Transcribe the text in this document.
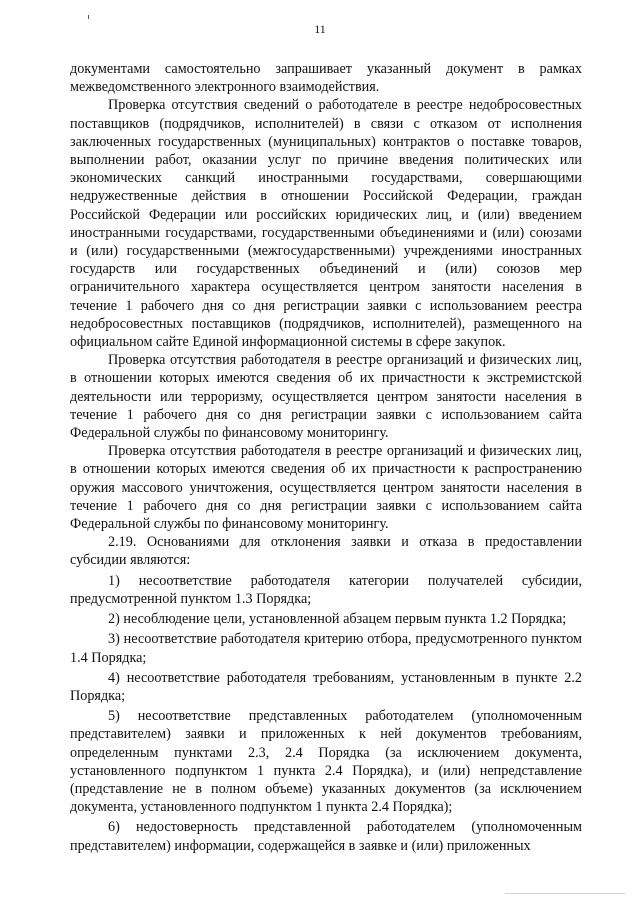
11

документами самостоятельно запрашивает указанный документ в рамках межведомственного электронного взаимодействия.

Проверка отсутствия сведений о работодателе в реестре недобросовестных поставщиков (подрядчиков, исполнителей) в связи с отказом от исполнения заключенных государственных (муниципальных) контрактов о поставке товаров, выполнении работ, оказании услуг по причине введения политических или экономических санкций иностранными государствами, совершающими недружественные действия в отношении Российской Федерации, граждан Российской Федерации или российских юридических лиц, и (или) введением иностранными государствами, государственными объединениями и (или) союзами и (или) государственными (межгосударственными) учреждениями иностранных государств или государственных объединений и (или) союзов мер ограничительного характера осуществляется центром занятости населения в течение 1 рабочего дня со дня регистрации заявки с использованием реестра недобросовестных поставщиков (подрядчиков, исполнителей), размещенного на официальном сайте Единой информационной системы в сфере закупок.

Проверка отсутствия работодателя в реестре организаций и физических лиц, в отношении которых имеются сведения об их причастности к экстремистской деятельности или терроризму, осуществляется центром занятости населения в течение 1 рабочего дня со дня регистрации заявки с использованием сайта Федеральной службы по финансовому мониторингу.

Проверка отсутствия работодателя в реестре организаций и физических лиц, в отношении которых имеются сведения об их причастности к распространению оружия массового уничтожения, осуществляется центром занятости населения в течение 1 рабочего дня со дня регистрации заявки с использованием сайта Федеральной службы по финансовому мониторингу.

2.19. Основаниями для отклонения заявки и отказа в предоставлении субсидии являются:

1) несоответствие работодателя категории получателей субсидии, предусмотренной пунктом 1.3 Порядка;

2) несоблюдение цели, установленной абзацем первым пункта 1.2 Порядка;

3) несоответствие работодателя критерию отбора, предусмотренного пунктом 1.4 Порядка;

4) несоответствие работодателя требованиям, установленным в пункте 2.2 Порядка;

5) несоответствие представленных работодателем (уполномоченным представителем) заявки и приложенных к ней документов требованиям, определенным пунктами 2.3, 2.4 Порядка (за исключением документа, установленного подпунктом 1 пункта 2.4 Порядка), и (или) непредставление (представление не в полном объеме) указанных документов (за исключением документа, установленного подпунктом 1 пункта 2.4 Порядка);

6) недостоверность представленной работодателем (уполномоченным представителем) информации, содержащейся в заявке и (или) приложенных
